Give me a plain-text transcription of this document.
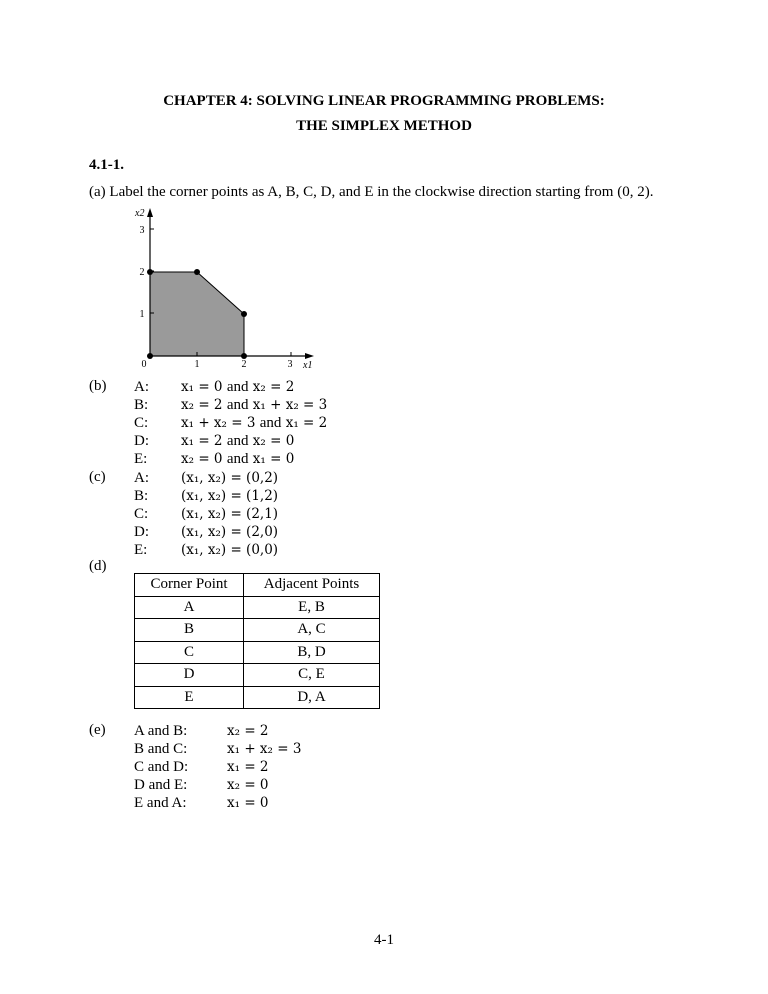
CHAPTER 4: SOLVING LINEAR PROGRAMMING PROBLEMS:
THE SIMPLEX METHOD
4.1-1.
(a) Label the corner points as A, B, C, D, and E in the clockwise direction starting from (0, 2).
0	1	2	3 x1
1
2
3
x2
(b) A: x₁ = 0 and x₂ = 2
B: x₂ = 2 and x₁ + x₂ = 3
C: x₁ + x₂ = 3 and x₁ = 2
D: x₁ = 2 and x₂ = 0
E: x₂ = 0 and x₁ = 0
(c) A: (x₁, x₂) = (0,2)
B: (x₁, x₂) = (1,2)
C: (x₁, x₂) = (2,1)
D: (x₁, x₂) = (2,0)
E: (x₁, x₂) = (0,0)
(d)
Corner Point	Adjacent Points
A	E, B
B	A, C
C	B, D
D	C, E
E	D, A
(e) A and B:	x₂ = 2
B and C:	x₁ + x₂ = 3
C and D:	x₁ = 2
D and E:	x₂ = 0
E and A:	x₁ = 0
4-1
